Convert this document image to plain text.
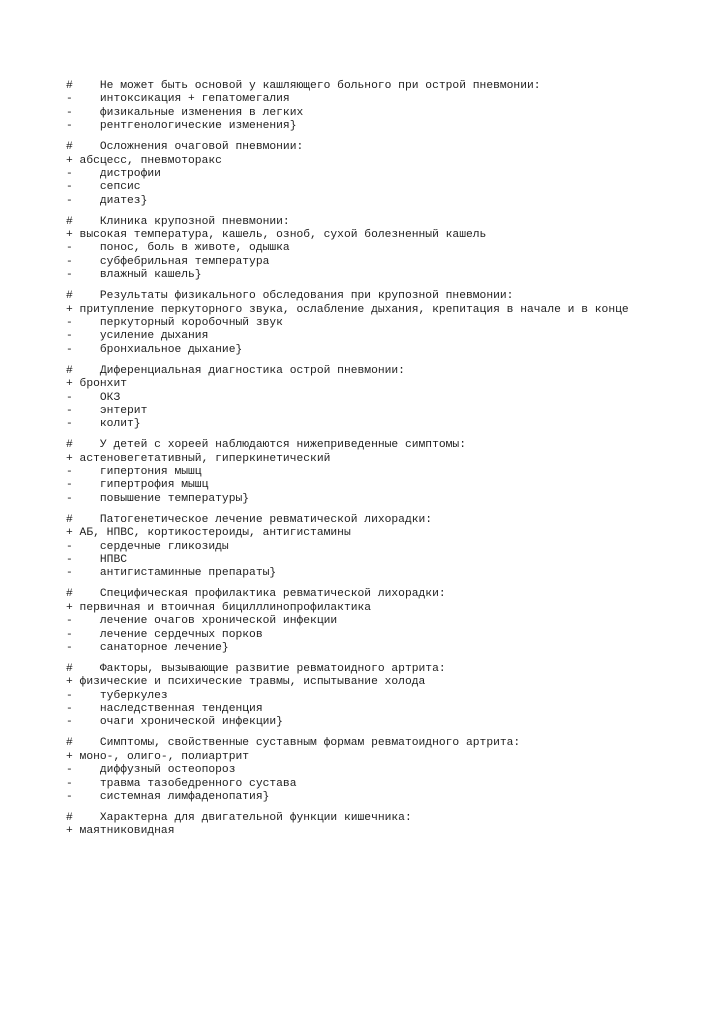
#    Не может быть основой у кашляющего больного при острой пневмонии:
-    интоксикация + гепатомегалия
-    физикальные изменения в легких
-    рентгенологические изменения}
#    Осложнения очаговой пневмонии:
+ абсцесс, пневмоторакс
-    дистрофии
-    сепсис
-    диатез}
#    Клиника крупозной пневмонии:
+ высокая температура, кашель, озноб, сухой болезненный кашель
-    понос, боль в животе, одышка
-    субфебрильная температура
-    влажный кашель}
#    Результаты физикального обследования при крупозной пневмонии:
+ притупление перкуторного звука, ослабление дыхания, крепитация в начале и в конце
-    перкуторный коробочный звук
-    усиление дыхания
-    бронхиальное дыхание}
#    Диференциальная диагностика острой пневмонии:
+ бронхит
-    ОКЗ
-    энтерит
-    колит}
#    У детей с хореей наблюдаются нижеприведенные симптомы:
+ астеновегетативный, гиперкинетический
-    гипертония мышц
-    гипертрофия мышц
-    повышение температуры}
#    Патогенетическое лечение ревматической лихорадки:
+ АБ, НПВС, кортикостероиды, антигистамины
-    сердечные гликозиды
-    НПВС
-    антигистаминные препараты}
#    Специфическая профилактика ревматической лихорадки:
+ первичная и втоичная бицилллинопрофилактика
-    лечение очагов хронической инфекции
-    лечение сердечных порков
-    санаторное лечение}
#    Факторы, вызывающие развитие ревматоидного артрита:
+ физические и психические травмы, испытывание холода
-    туберкулез
-    наследственная тенденция
-    очаги хронической инфекции}
#    Симптомы, свойственные суставным формам ревматоидного артрита:
+ моно-, олиго-, полиартрит
-    диффузный остеопороз
-    травма тазобедренного сустава
-    системная лимфаденопатия}
#    Характерна для двигательной функции кишечника:
+ маятниковидная
